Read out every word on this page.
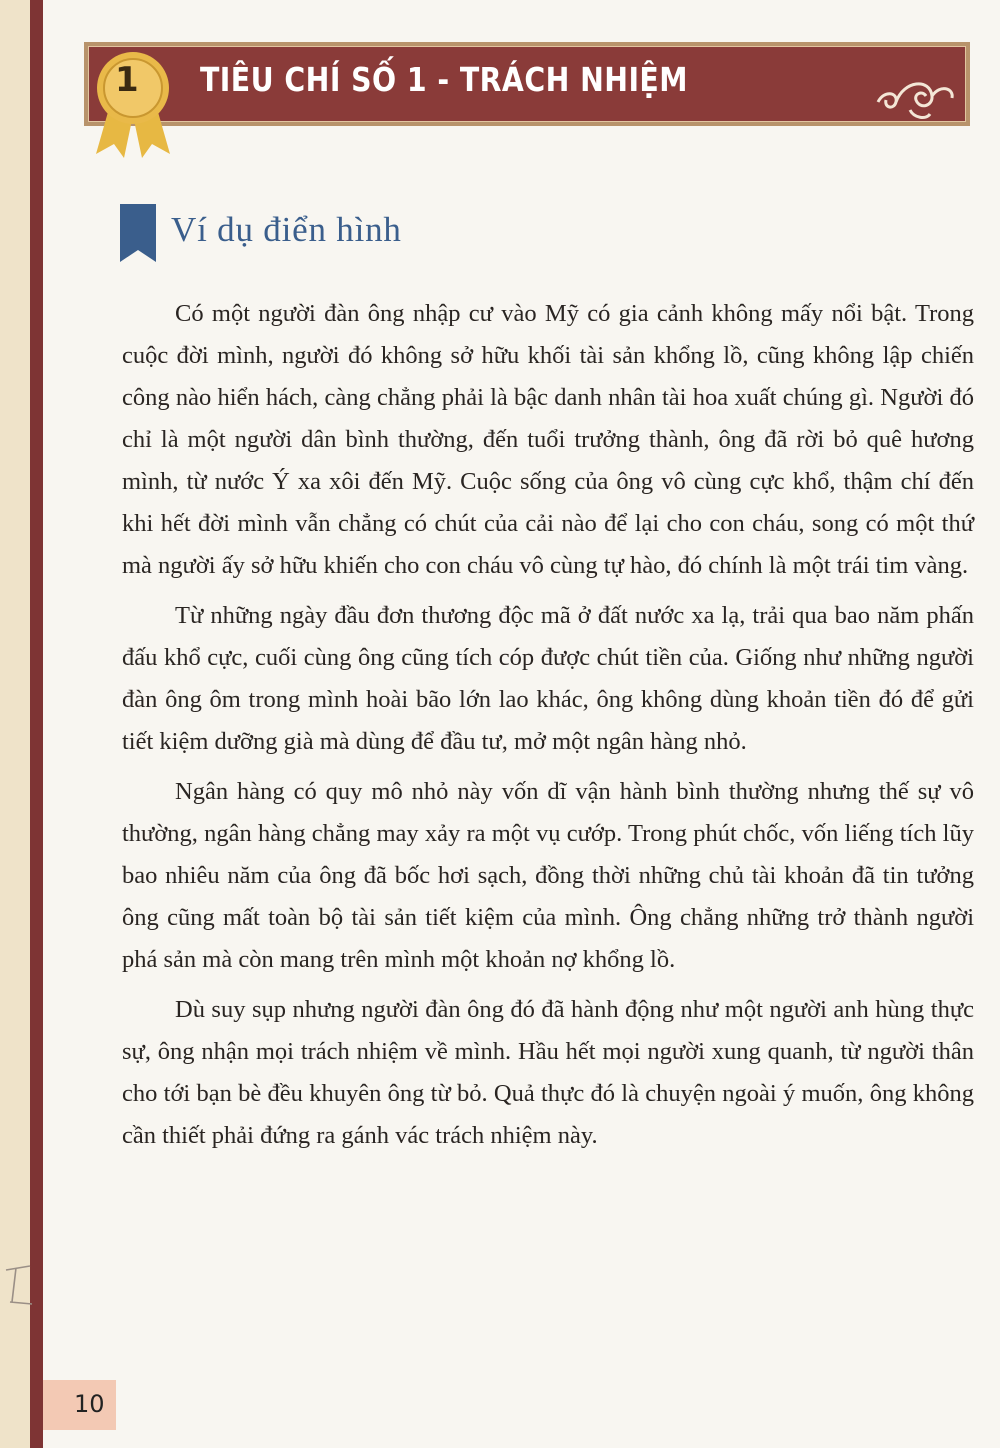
10
TIÊU CHÍ SỐ 1 - TRÁCH NHIỆM
1
Ví dụ điển hình

Có một người đàn ông nhập cư vào Mỹ có gia cảnh không mấy nổi bật. Trong cuộc đời mình, người đó không sở hữu khối tài sản khổng lồ, cũng không lập chiến công nào hiển hách, càng chẳng phải là bậc danh nhân tài hoa xuất chúng gì. Người đó chỉ là một người dân bình thường, đến tuổi trưởng thành, ông đã rời bỏ quê hương mình, từ nước Ý xa xôi đến Mỹ. Cuộc sống của ông vô cùng cực khổ, thậm chí đến khi hết đời mình vẫn chẳng có chút của cải nào để lại cho con cháu, song có một thứ mà người ấy sở hữu khiến cho con cháu vô cùng tự hào, đó chính là một trái tim vàng.

Từ những ngày đầu đơn thương độc mã ở đất nước xa lạ, trải qua bao năm phấn đấu khổ cực, cuối cùng ông cũng tích cóp được chút tiền của. Giống như những người đàn ông ôm trong mình hoài bão lớn lao khác, ông không dùng khoản tiền đó để gửi tiết kiệm dưỡng già mà dùng để đầu tư, mở một ngân hàng nhỏ.

Ngân hàng có quy mô nhỏ này vốn dĩ vận hành bình thường nhưng thế sự vô thường, ngân hàng chẳng may xảy ra một vụ cướp. Trong phút chốc, vốn liếng tích lũy bao nhiêu năm của ông đã bốc hơi sạch, đồng thời những chủ tài khoản đã tin tưởng ông cũng mất toàn bộ tài sản tiết kiệm của mình. Ông chẳng những trở thành người phá sản mà còn mang trên mình một khoản nợ khổng lồ.

Dù suy sụp nhưng người đàn ông đó đã hành động như một người anh hùng thực sự, ông nhận mọi trách nhiệm về mình. Hầu hết mọi người xung quanh, từ người thân cho tới bạn bè đều khuyên ông từ bỏ. Quả thực đó là chuyện ngoài ý muốn, ông không cần thiết phải đứng ra gánh vác trách nhiệm này.
